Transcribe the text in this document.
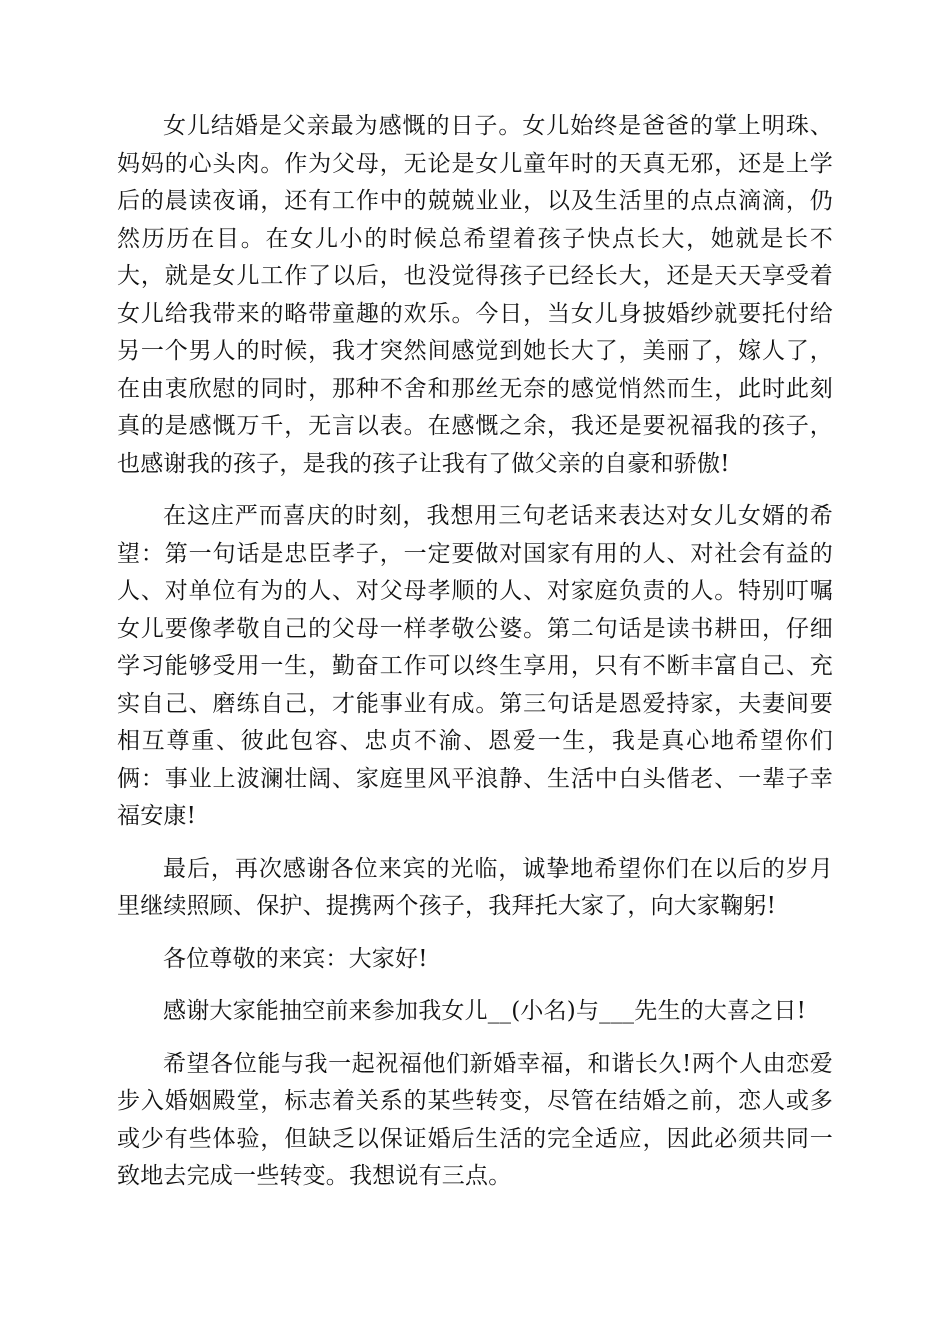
女儿结婚是父亲最为感慨的日子。女儿始终是爸爸的掌上明珠、妈妈的心头肉。作为父母，无论是女儿童年时的天真无邪，还是上学后的晨读夜诵，还有工作中的兢兢业业，以及生活里的点点滴滴，仍然历历在目。在女儿小的时候总希望着孩子快点长大，她就是长不大，就是女儿工作了以后，也没觉得孩子已经长大，还是天天享受着女儿给我带来的略带童趣的欢乐。今日，当女儿身披婚纱就要托付给另一个男人的时候，我才突然间感觉到她长大了，美丽了，嫁人了，在由衷欣慰的同时，那种不舍和那丝无奈的感觉悄然而生，此时此刻真的是感慨万千，无言以表。在感慨之余，我还是要祝福我的孩子，也感谢我的孩子，是我的孩子让我有了做父亲的自豪和骄傲!

在这庄严而喜庆的时刻，我想用三句老话来表达对女儿女婿的希望：第一句话是忠臣孝子，一定要做对国家有用的人、对社会有益的人、对单位有为的人、对父母孝顺的人、对家庭负责的人。特别叮嘱女儿要像孝敬自己的父母一样孝敬公婆。第二句话是读书耕田，仔细学习能够受用一生，勤奋工作可以终生享用，只有不断丰富自己、充实自己、磨练自己，才能事业有成。第三句话是恩爱持家，夫妻间要相互尊重、彼此包容、忠贞不渝、恩爱一生，我是真心地希望你们俩：事业上波澜壮阔、家庭里风平浪静、生活中白头偕老、一辈子幸福安康!

最后，再次感谢各位来宾的光临，诚挚地希望你们在以后的岁月里继续照顾、保护、提携两个孩子，我拜托大家了，向大家鞠躬!

各位尊敬的来宾：大家好!

感谢大家能抽空前来参加我女儿__(小名)与___先生的大喜之日!

希望各位能与我一起祝福他们新婚幸福，和谐长久!两个人由恋爱步入婚姻殿堂，标志着关系的某些转变，尽管在结婚之前，恋人或多或少有些体验，但缺乏以保证婚后生活的完全适应，因此必须共同一致地去完成一些转变。我想说有三点。
